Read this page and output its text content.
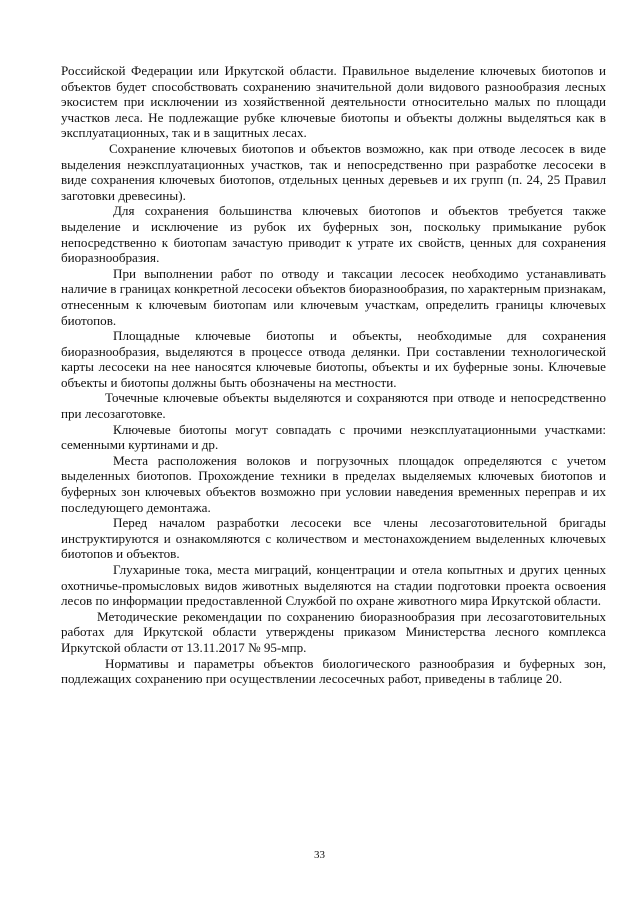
Российской Федерации или Иркутской области. Правильное выделение ключевых биотопов и объектов будет способствовать сохранению значительной доли видового разнообразия лесных экосистем при исключении из хозяйственной деятельности относительно малых по площади участков леса. Не подлежащие рубке ключевые биотопы и объекты должны выделяться как в эксплуатационных, так и в защитных лесах.

Сохранение ключевых биотопов и объектов возможно, как при отводе лесосек в виде выделения неэксплуатационных участков, так и непосредственно при разработке лесосеки в виде сохранения ключевых биотопов, отдельных ценных деревьев и их групп (п. 24, 25 Правил заготовки древесины).

Для сохранения большинства ключевых биотопов и объектов требуется также выделение и исключение из рубок их буферных зон, поскольку примыкание рубок непосредственно к биотопам зачастую приводит к утрате их свойств, ценных для сохранения биоразнообразия.

При выполнении работ по отводу и таксации лесосек необходимо устанавливать наличие в границах конкретной лесосеки объектов биоразнообразия, по характерным признакам, отнесенным к ключевым биотопам или ключевым участкам, определить границы ключевых биотопов.

Площадные ключевые биотопы и объекты, необходимые для сохранения биоразнообразия, выделяются в процессе отвода делянки. При составлении технологической карты лесосеки на нее наносятся ключевые биотопы, объекты и их буферные зоны. Ключевые объекты и биотопы должны быть обозначены на местности.

Точечные ключевые объекты выделяются и сохраняются при отводе и непосредственно при лесозаготовке.

Ключевые биотопы могут совпадать с прочими неэксплуатационными участками: семенными куртинами и др.

Места расположения волоков и погрузочных площадок определяются с учетом выделенных биотопов. Прохождение техники в пределах выделяемых ключевых биотопов и буферных зон ключевых объектов возможно при условии наведения временных переправ и их последующего демонтажа.

Перед началом разработки лесосеки все члены лесозаготовительной бригады инструктируются и ознакомляются с количеством и местонахождением выделенных ключевых биотопов и объектов.

Глухариные тока, места миграций, концентрации и отела копытных и других ценных охотничье-промысловых видов животных выделяются на стадии подготовки проекта освоения лесов по информации предоставленной Службой по охране животного мира Иркутской области.

Методические рекомендации по сохранению биоразнообразия при лесозаготовительных работах для Иркутской области утверждены приказом Министерства лесного комплекса Иркутской области от 13.11.2017 № 95-мпр.

Нормативы и параметры объектов биологического разнообразия и буферных зон, подлежащих сохранению при осуществлении лесосечных работ, приведены в таблице 20.

33
